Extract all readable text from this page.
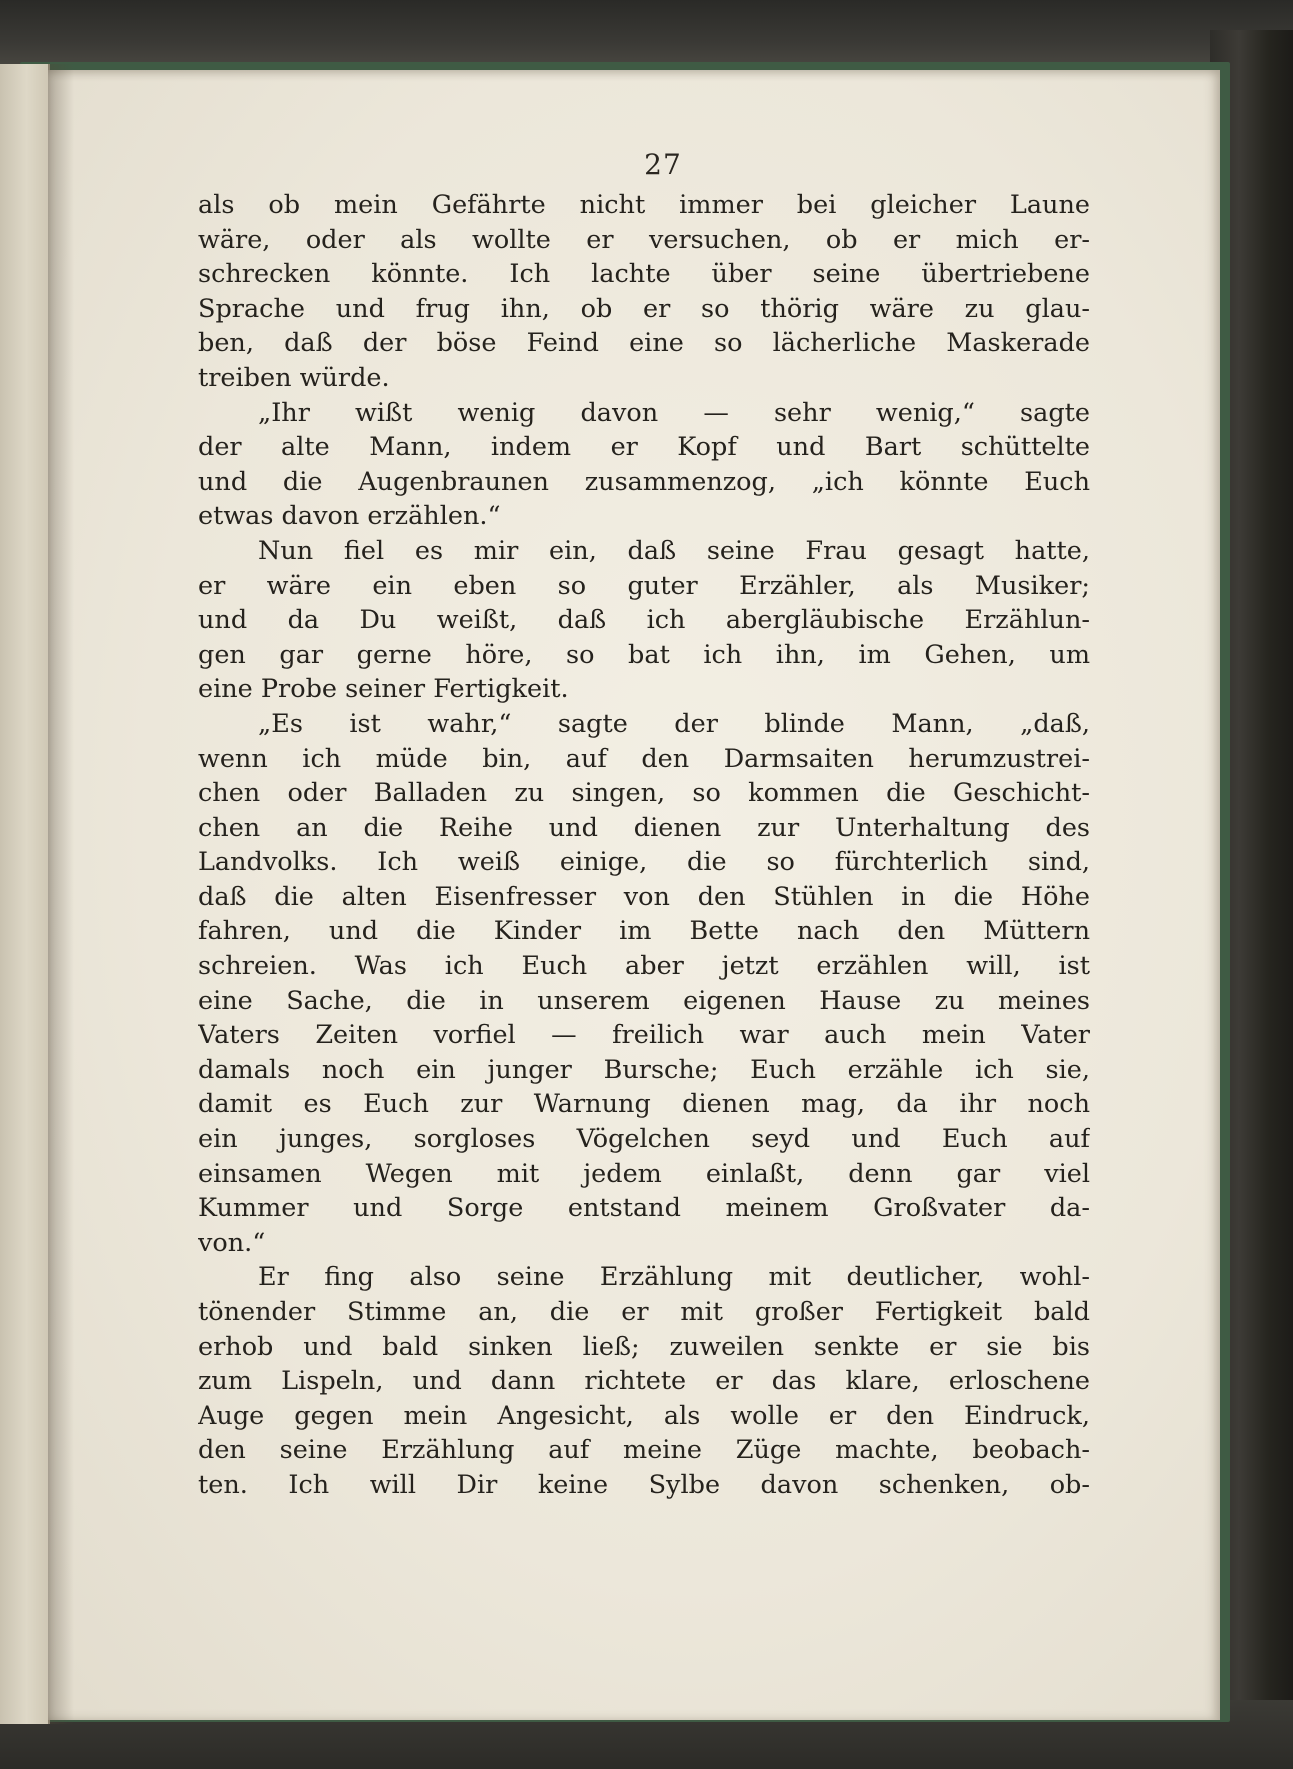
27
als ob mein Gefährte nicht immer bei gleicher Laune
wäre, oder als wollte er versuchen, ob er mich er-
schrecken könnte. Ich lachte über seine übertriebene
Sprache und frug ihn, ob er so thörig wäre zu glau-
ben, daß der böse Feind eine so lächerliche Maskerade
treiben würde.
„Ihr wißt wenig davon — sehr wenig,“ sagte
der alte Mann, indem er Kopf und Bart schüttelte
und die Augenbraunen zusammenzog, „ich könnte Euch
etwas davon erzählen.“
Nun fiel es mir ein, daß seine Frau gesagt hatte,
er wäre ein eben so guter Erzähler, als Musiker;
und da Du weißt, daß ich abergläubische Erzählun-
gen gar gerne höre, so bat ich ihn, im Gehen, um
eine Probe seiner Fertigkeit.
„Es ist wahr,“ sagte der blinde Mann, „daß,
wenn ich müde bin, auf den Darmsaiten herumzustrei-
chen oder Balladen zu singen, so kommen die Geschicht-
chen an die Reihe und dienen zur Unterhaltung des
Landvolks. Ich weiß einige, die so fürchterlich sind,
daß die alten Eisenfresser von den Stühlen in die Höhe
fahren, und die Kinder im Bette nach den Müttern
schreien. Was ich Euch aber jetzt erzählen will, ist
eine Sache, die in unserem eigenen Hause zu meines
Vaters Zeiten vorfiel — freilich war auch mein Vater
damals noch ein junger Bursche; Euch erzähle ich sie,
damit es Euch zur Warnung dienen mag, da ihr noch
ein junges, sorgloses Vögelchen seyd und Euch auf
einsamen Wegen mit jedem einlaßt, denn gar viel
Kummer und Sorge entstand meinem Großvater da-
von.“
Er fing also seine Erzählung mit deutlicher, wohl-
tönender Stimme an, die er mit großer Fertigkeit bald
erhob und bald sinken ließ; zuweilen senkte er sie bis
zum Lispeln, und dann richtete er das klare, erloschene
Auge gegen mein Angesicht, als wolle er den Eindruck,
den seine Erzählung auf meine Züge machte, beobach-
ten. Ich will Dir keine Sylbe davon schenken, ob-
